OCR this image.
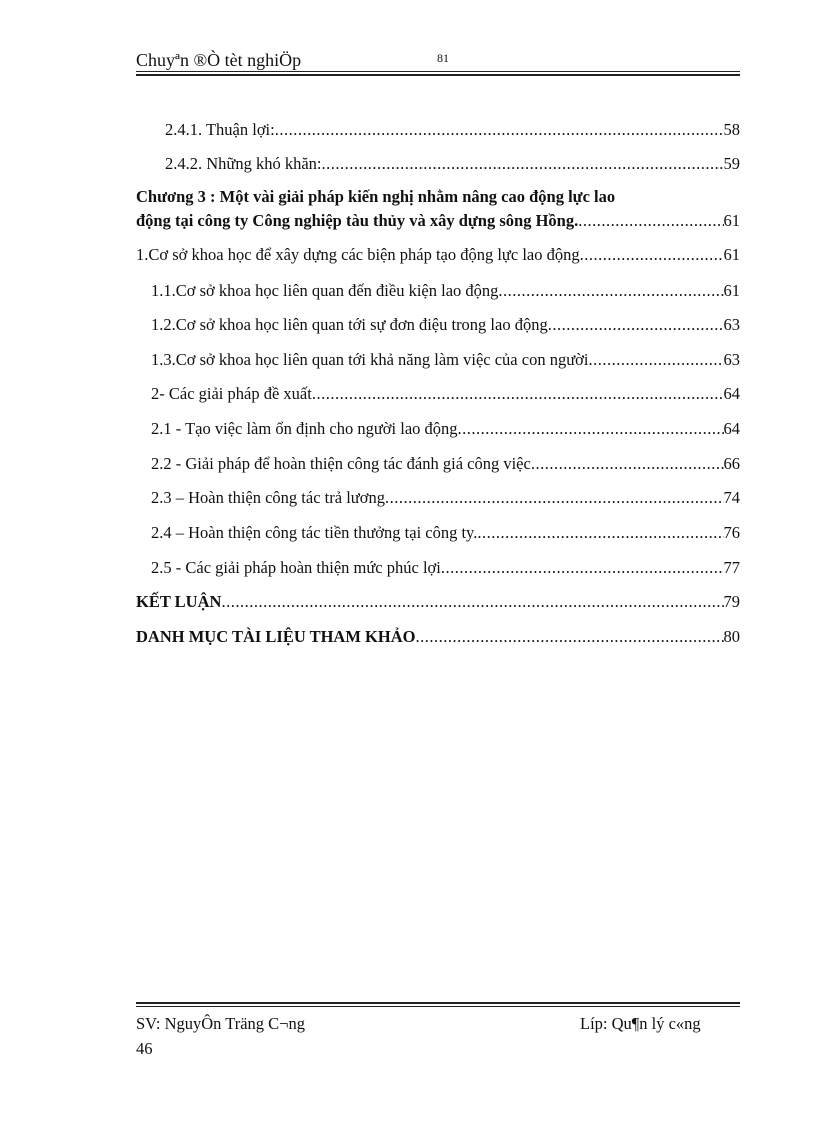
Chuyªn ®Ò tèt nghiÖp	81
2.4.1. Thuận lợi: .....	58
2.4.2. Những khó khăn: .....	59
Chương 3 : Một vài giải pháp kiến nghị nhằm nâng cao động lực lao
động tại công ty Công nghiệp tàu thủy và xây dựng sông Hồng. .....	61
1.Cơ sở khoa học để xây dựng các biện pháp tạo động lực lao động .....	61
1.1.Cơ sở khoa học liên quan đến điều kiện lao động .....	61
1.2.Cơ sở khoa học liên quan tới sự đơn điệu trong lao động .....	63
1.3.Cơ sở khoa học liên quan tới khả năng làm việc của con người .....	63
2- Các giải pháp đề xuất .....	64
2.1 - Tạo việc làm ổn định cho người lao động .....	64
2.2 - Giải pháp để hoàn thiện công tác đánh giá công việc .....	66
2.3 – Hoàn thiện công tác trả lương .....	74
2.4 – Hoàn thiện công tác tiền thưởng tại công ty. .....	76
2.5 - Các giải pháp hoàn thiện mức phúc lợi .....	77
KẾT LUẬN .....	79
DANH MỤC TÀI LIỆU THAM KHẢO .....	80
SV: NguyÔn Träng C¬ng	Líp: Qu¶n lý c«ng
46
